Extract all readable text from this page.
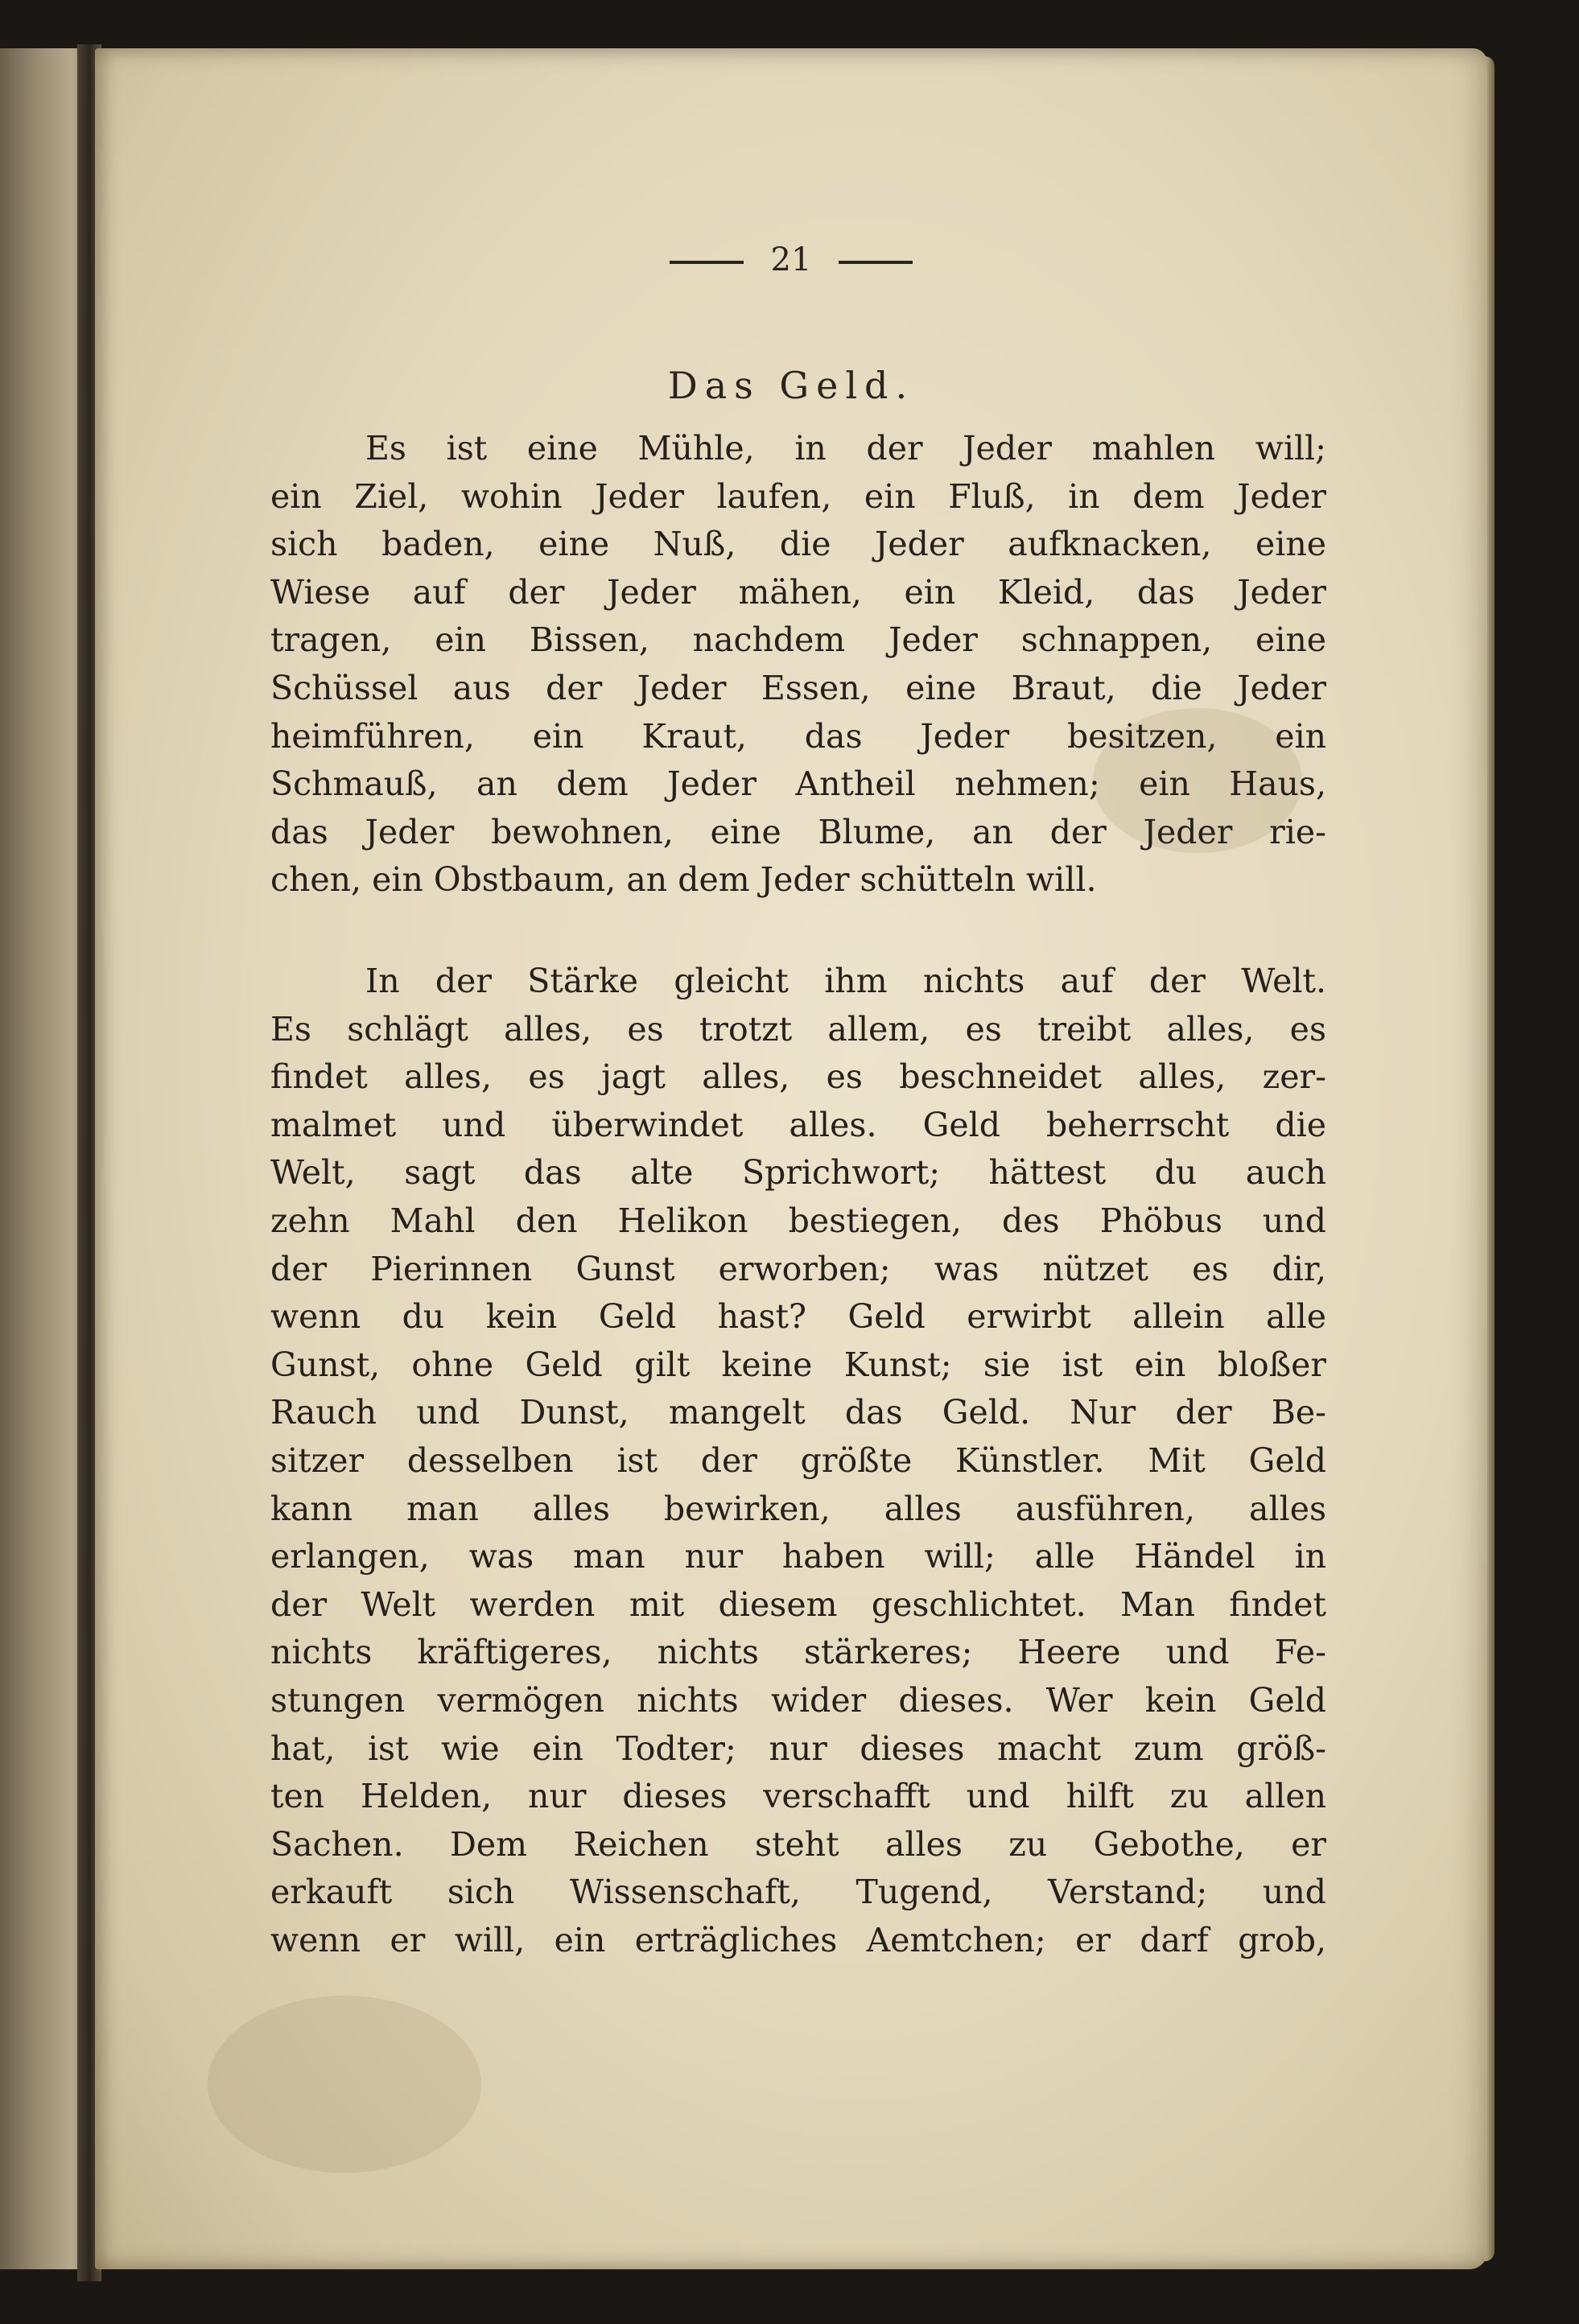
21
Das Geld.
Es ist eine Mühle, in der Jeder mahlen will;
ein Ziel, wohin Jeder laufen, ein Fluß, in dem Jeder
sich baden, eine Nuß, die Jeder aufknacken, eine
Wiese auf der Jeder mähen, ein Kleid, das Jeder
tragen, ein Bissen, nachdem Jeder schnappen, eine
Schüssel aus der Jeder Essen, eine Braut, die Jeder
heimführen, ein Kraut, das Jeder besitzen, ein
Schmauß, an dem Jeder Antheil nehmen; ein Haus,
das Jeder bewohnen, eine Blume, an der Jeder rie-
chen, ein Obstbaum, an dem Jeder schütteln will.
In der Stärke gleicht ihm nichts auf der Welt.
Es schlägt alles, es trotzt allem, es treibt alles, es
findet alles, es jagt alles, es beschneidet alles, zer-
malmet und überwindet alles. Geld beherrscht die
Welt, sagt das alte Sprichwort; hättest du auch
zehn Mahl den Helikon bestiegen, des Phöbus und
der Pierinnen Gunst erworben; was nützet es dir,
wenn du kein Geld hast? Geld erwirbt allein alle
Gunst, ohne Geld gilt keine Kunst; sie ist ein bloßer
Rauch und Dunst, mangelt das Geld. Nur der Be-
sitzer desselben ist der größte Künstler. Mit Geld
kann man alles bewirken, alles ausführen, alles
erlangen, was man nur haben will; alle Händel in
der Welt werden mit diesem geschlichtet. Man findet
nichts kräftigeres, nichts stärkeres; Heere und Fe-
stungen vermögen nichts wider dieses. Wer kein Geld
hat, ist wie ein Todter; nur dieses macht zum größ-
ten Helden, nur dieses verschafft und hilft zu allen
Sachen. Dem Reichen steht alles zu Gebothe, er
erkauft sich Wissenschaft, Tugend, Verstand; und
wenn er will, ein erträgliches Aemtchen; er darf grob,
